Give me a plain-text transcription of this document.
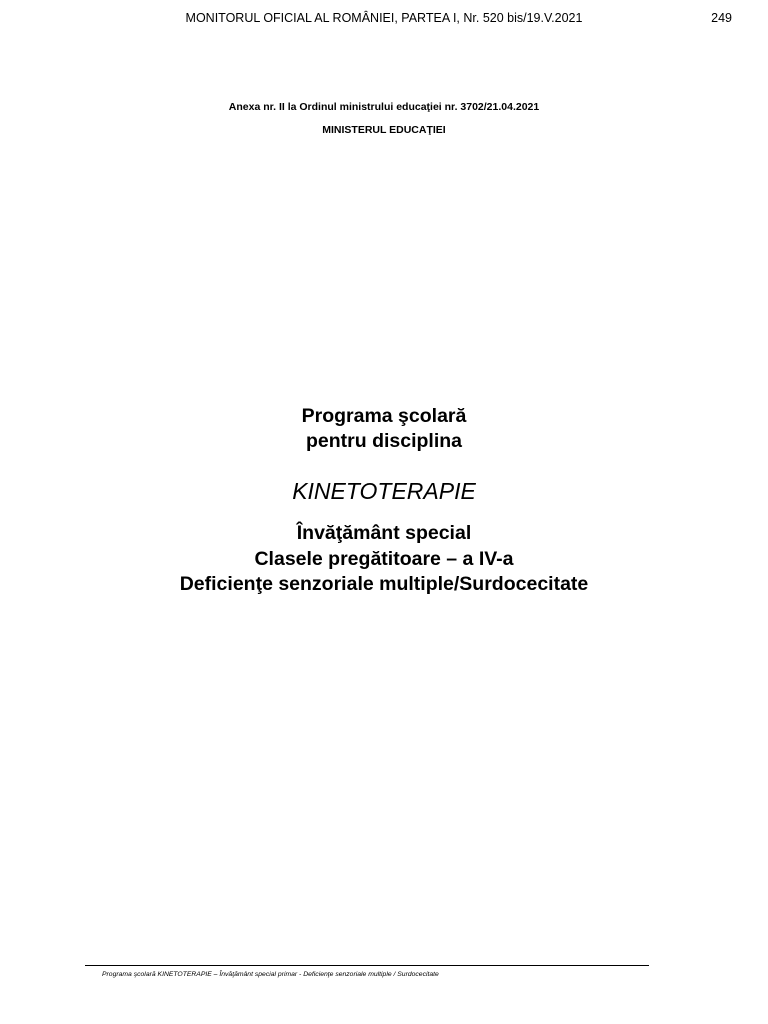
MONITORUL OFICIAL AL ROMÂNIEI, PARTEA I, Nr. 520 bis/19.V.2021	249
Anexa nr. II la Ordinul ministrului educaţiei nr. 3702/21.04.2021
MINISTERUL EDUCAŢIEI
Programa şcolară
pentru disciplina
KINETOTERAPIE
Învăţământ special
Clasele pregătitoare – a IV-a
Deficienţe senzoriale multiple/Surdocecitate
Programa şcolară KINETOTERAPIE – Învăţământ special primar - Deficienţe senzoriale multiple / Surdocecitate
